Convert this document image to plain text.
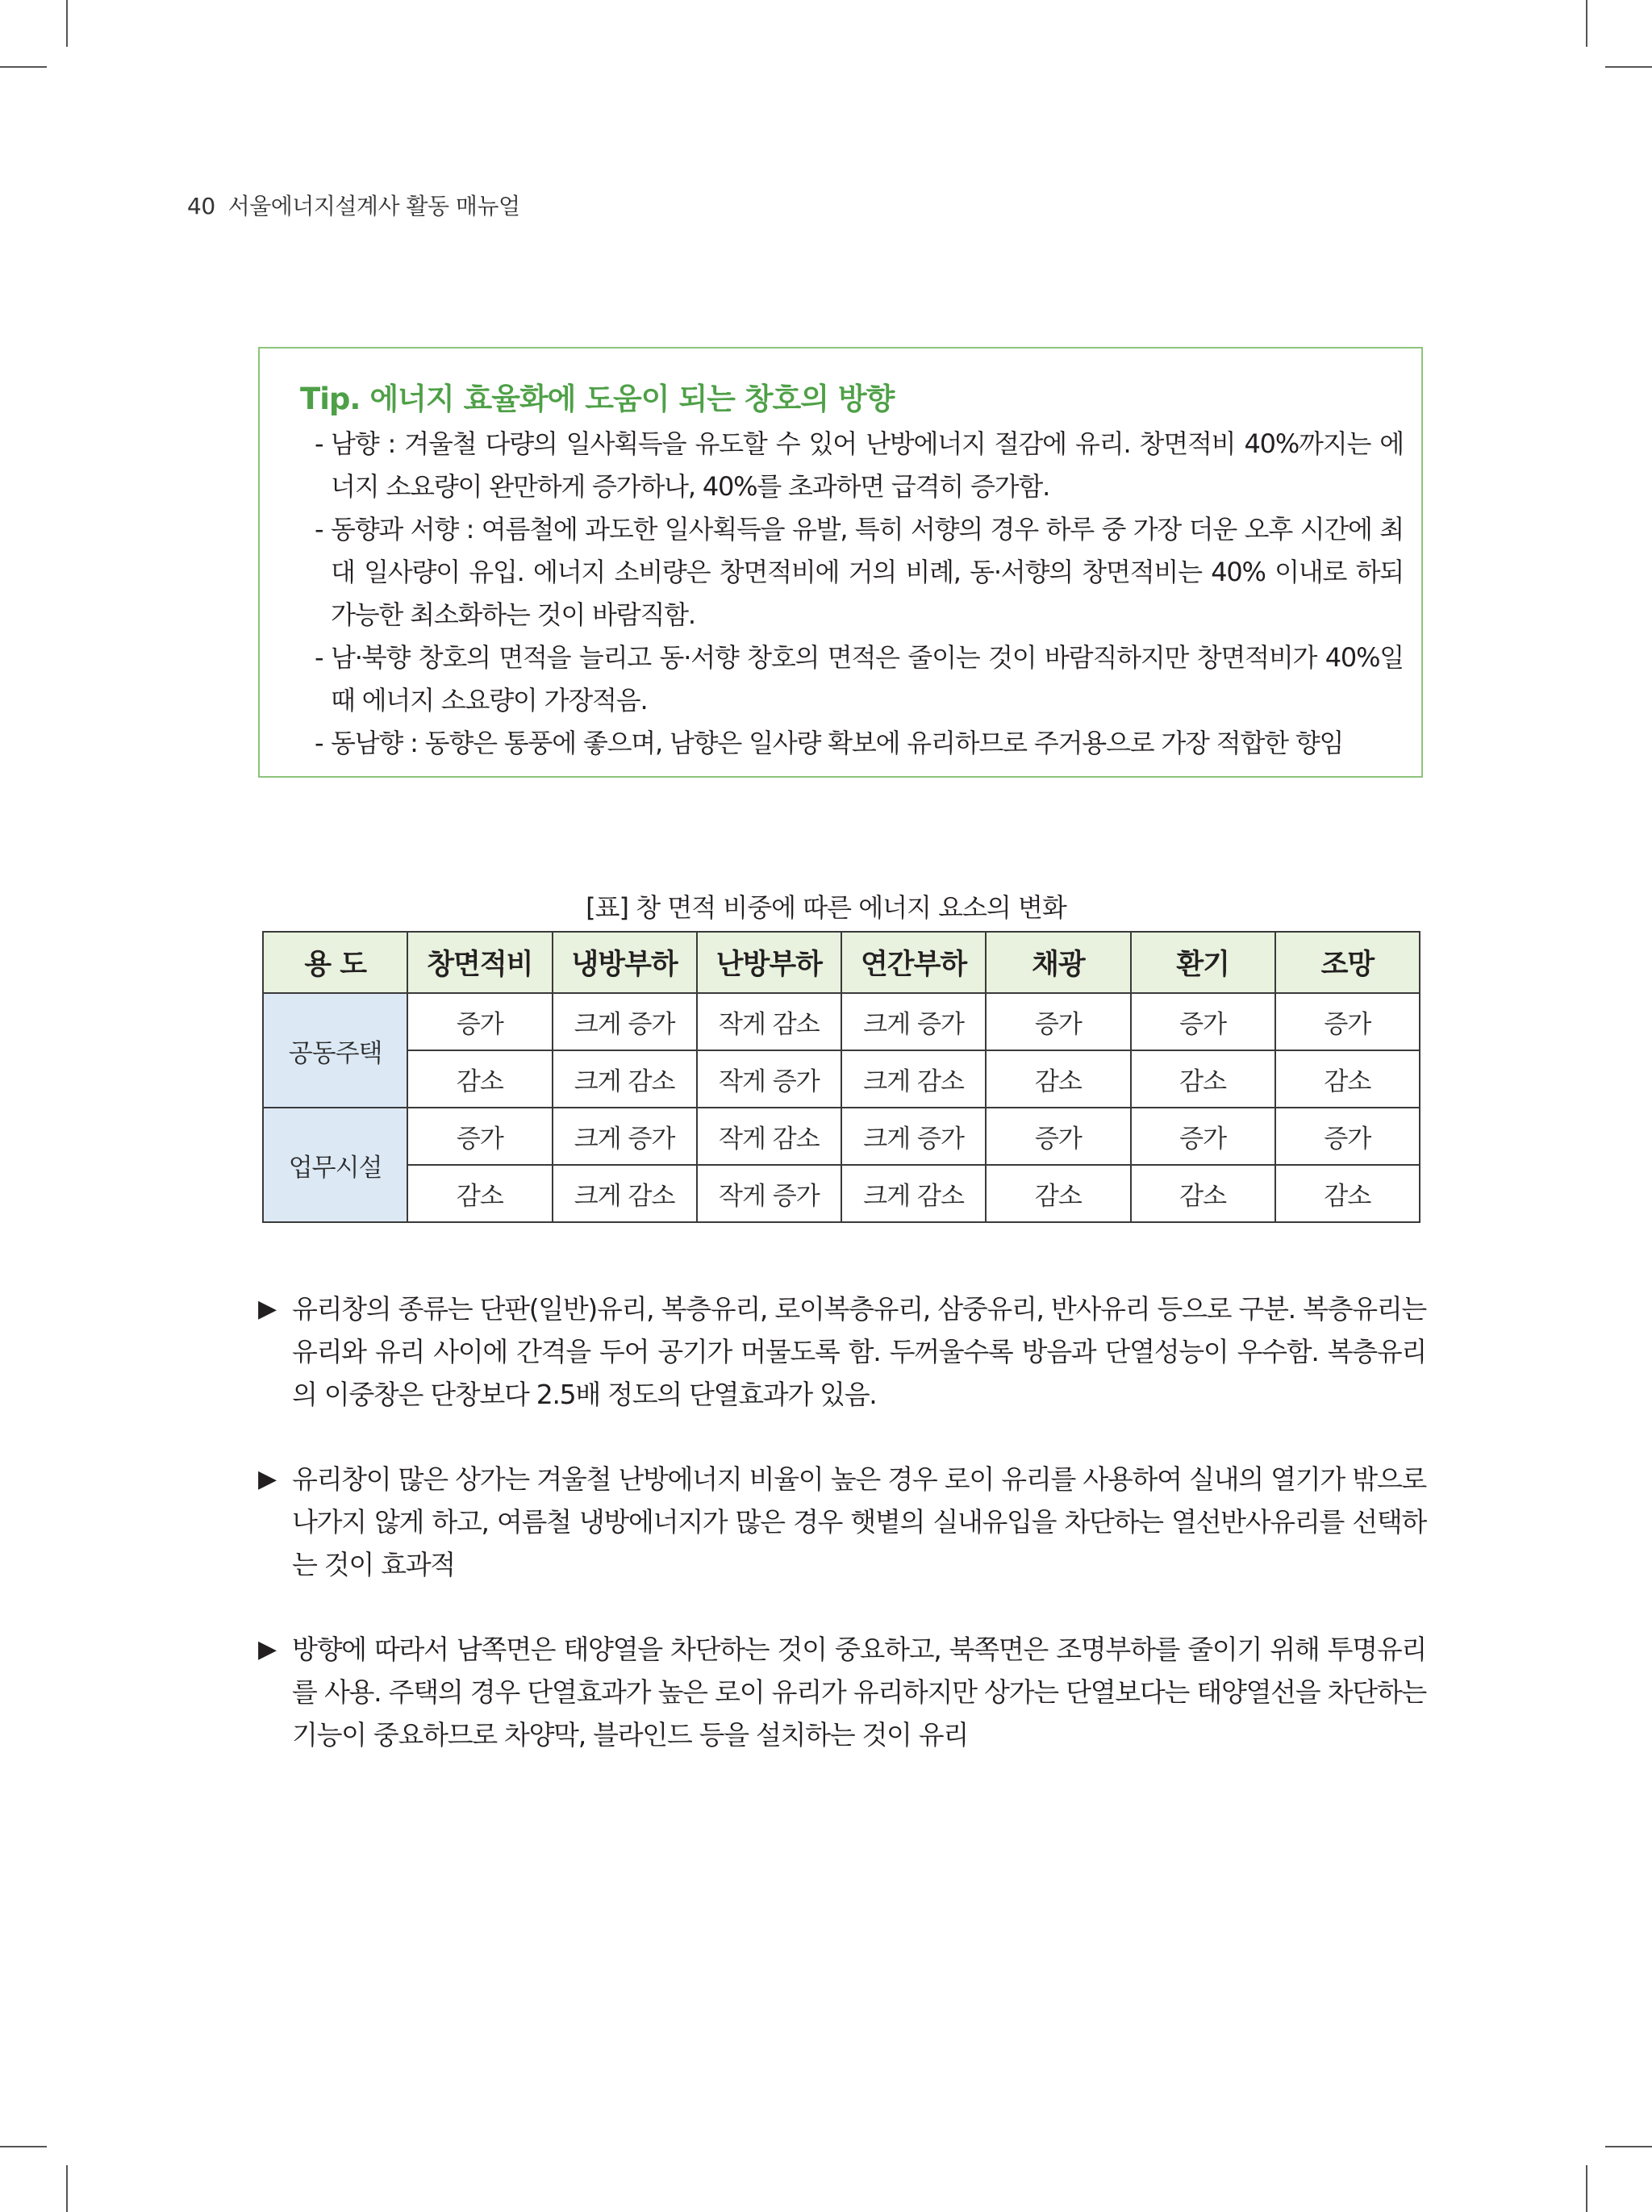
40 서울에너지설계사 활동 매뉴얼
Tip. 에너지 효율화에 도움이 되는 창호의 방향
- 남향 : 겨울철 다량의 일사획득을 유도할 수 있어 난방에너지 절감에 유리. 창면적비 40%까지는 에너지 소요량이 완만하게 증가하나, 40%를 초과하면 급격히 증가함.
- 동향과 서향 : 여름철에 과도한 일사획득을 유발, 특히 서향의 경우 하루 중 가장 더운 오후 시간에 최대 일사량이 유입. 에너지 소비량은 창면적비에 거의 비례, 동·서향의 창면적비는 40% 이내로 하되 가능한 최소화하는 것이 바람직함.
- 남·북향 창호의 면적을 늘리고 동·서향 창호의 면적은 줄이는 것이 바람직하지만 창면적비가 40%일 때 에너지 소요량이 가장적음.
- 동남향 : 동향은 통풍에 좋으며, 남향은 일사량 확보에 유리하므로 주거용으로 가장 적합한 향임
[표] 창 면적 비중에 따른 에너지 요소의 변화
용 도	창면적비	냉방부하	난방부하	연간부하	채광	환기	조망
공동주택	증가	크게 증가	작게 감소	크게 증가	증가	증가	증가
	감소	크게 감소	작게 증가	크게 감소	감소	감소	감소
업무시설	증가	크게 증가	작게 감소	크게 증가	증가	증가	증가
	감소	크게 감소	작게 증가	크게 감소	감소	감소	감소
▶ 유리창의 종류는 단판(일반)유리, 복층유리, 로이복층유리, 삼중유리, 반사유리 등으로 구분. 복층유리는 유리와 유리 사이에 간격을 두어 공기가 머물도록 함. 두꺼울수록 방음과 단열성능이 우수함. 복층유리의 이중창은 단창보다 2.5배 정도의 단열효과가 있음.
▶ 유리창이 많은 상가는 겨울철 난방에너지 비율이 높은 경우 로이 유리를 사용하여 실내의 열기가 밖으로 나가지 않게 하고, 여름철 냉방에너지가 많은 경우 햇볕의 실내유입을 차단하는 열선반사유리를 선택하는 것이 효과적
▶ 방향에 따라서 남쪽면은 태양열을 차단하는 것이 중요하고, 북쪽면은 조명부하를 줄이기 위해 투명유리를 사용. 주택의 경우 단열효과가 높은 로이 유리가 유리하지만 상가는 단열보다는 태양열선을 차단하는 기능이 중요하므로 차양막, 블라인드 등을 설치하는 것이 유리
